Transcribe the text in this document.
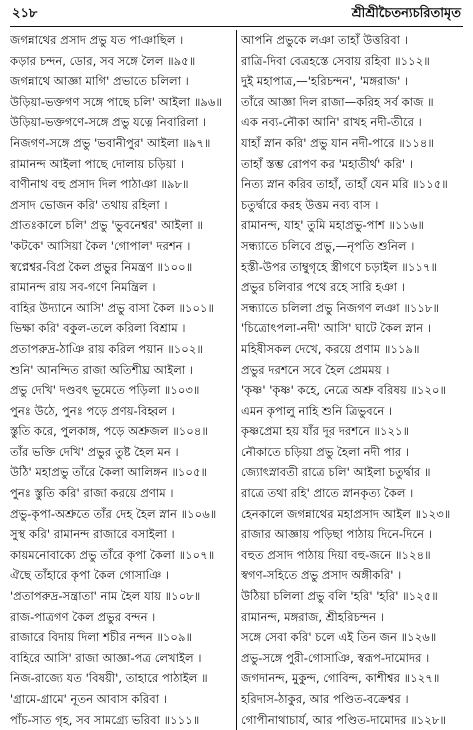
২১৮	শ্রীশ্রীচৈতন্যচরিতামৃত
জগন্নাথের প্রসাদ প্রভু যত পাঞাছিল ।
কড়ার চন্দন, ডোর, সব সঙ্গে লৈল ॥৯৫॥
জগন্নাথে আজ্ঞা মাগি' প্রভাতে চলিলা ।
উড়িয়া-ভক্তগণ সঙ্গে পাছে চলি' আইলা ॥৯৬॥
উড়িয়া-ভক্তগণে-সঙ্গে প্রভু যত্নে নিবারিলা ।
নিজগণ-সঙ্গে প্রভু 'ভবানীপুর' আইলা ॥৯৭॥
রামানন্দ আইলা পাছে দোলায় চড়িয়া ।
বাণীনাথ বহু প্রসাদ দিল পাঠাঞা ॥৯৮॥
প্রসাদ ভোজন করি' তথায় রহিলা ।
প্রাতঃকালে চলি' প্রভু 'ভুবনেশ্বর' আইলা ॥
'কটকে' আসিয়া কৈল 'গোপাল' দরশন ।
স্বপ্নেশ্বর-বিপ্র কৈল প্রভুর নিমন্ত্রণ ॥১০০॥
রামানন্দ রায় সব-গণে নিমন্ত্রিল ।
বাহির উদ্যানে আসি' প্রভু বাসা কৈল ॥১০১॥
ভিক্ষা করি' বকুল-তলে করিলা বিশ্রাম ।
প্রতাপরুদ্র-ঠাঞি রায় করিল পয়ান ॥১০২॥
শুনি' আনন্দিত রাজা অতিশীঘ্র আইলা ।
প্রভু দেখি' দণ্ডবৎ ভূমেতে পড়িলা ॥১০৩॥
পুনঃ উঠে, পুনঃ পড়ে প্রণয়-বিহ্বল ।
স্তুতি করে, পুলকাঙ্গ, পড়ে অশ্রুজল ॥১০৪॥
তাঁর ভক্তি দেখি' প্রভুর তুষ্ট হৈল মন ।
উঠি' মহাপ্রভু তাঁরে কৈলা আলিঙ্গন ॥১০৫॥
পুনঃ স্তুতি করি' রাজা করয়ে প্রণাম ।
প্রভু-কৃপা-অশ্রুতে তাঁর দেহ হৈল স্নান ॥১০৬॥
সুস্থ করি' রামানন্দ রাজারে বসাইলা ।
কায়মনোবাক্যে প্রভু তাঁরে কৃপা কৈলা ॥১০৭॥
ঐছে তাঁহারে কৃপা কৈল গোসাঞি ।
'প্রতাপরুদ্র-সন্ত্রাতা' নাম হৈল যায় ॥১০৮॥
রাজ-পাত্রগণ কৈল প্রভুর বন্দন ।
রাজারে বিদায় দিলা শচীর নন্দন ॥১০৯॥
বাহিরে আসি' রাজা আজ্ঞা-পত্র লেখাইল ।
নিজ-রাজ্যে যত 'বিষয়ী', তাহারে পাঠাইল ॥
'গ্রামে-গ্রামে' নূতন আবাস করিবা ।
পাঁচ-সাত গৃহ, সব সামগ্র্যে ভরিবা ॥১১১॥
আপনি প্রভুকে লঞা তাহাঁ উত্তরিবা ।
রাত্রি-দিবা বেত্রহস্তে সেবায় রহিবা ॥১১২॥
দুই মহাপাত্র,—'হরিচন্দন', 'মঙ্গরাজ' ।
তাঁরে আজ্ঞা দিল রাজা—করিহ সর্ব কাজ ॥
এক নব্য-নৌকা আনি' রাখহ নদী-তীরে ।
যাহাঁ স্নান করি' প্রভু যান নদী-পারে ॥১১৪॥
তাহাঁ স্তম্ভ রোপণ কর 'মহাতীর্থ' করি' ।
নিত্য স্নান করিব তাহাঁ, তাহাঁ যেন মরি ॥১১৫॥
চতুর্দ্বারে করহ উত্তম নব্য বাস ।
রামানন্দ, যাহ' তুমি মহাপ্রভু-পাশ ॥১১৬॥
সন্ধ্যাতে চলিবে প্রভু,—নৃপতি শুনিল ।
হস্তী-উপর তাম্বুগৃহে স্ত্রীগণে চড়াইল ॥১১৭॥
প্রভুর চলিবার পথে রহে সারি হঞা ।
সন্ধ্যাতে চলিলা প্রভু নিজগণ লঞা ॥১১৮॥
'চিত্রোৎপলা-নদী' আসি' ঘাটে কৈল স্নান ।
মহিষীসকল দেখে, করয়ে প্রণাম ॥১১৯॥
প্রভুর দরশনে সবে হৈল প্রেমময় ।
'কৃষ্ণ' 'কৃষ্ণ' কহে, নেত্রে অশ্রু বরিষয় ॥১২০॥
এমন কৃপালু নাহি শুনি ত্রিভুবনে ।
কৃষ্ণপ্রেমা হয় যাঁর দূর দরশনে ॥১২১॥
নৌকাতে চড়িয়া প্রভু হৈলা নদী পার ।
জ্যোৎস্নাবতী রাত্রে চলি' আইলা চতুর্দ্বার ॥
রাত্রে তথা রহি' প্রাতে স্নানকৃত্য কৈল ।
হেনকালে জগন্নাথের মহাপ্রসাদ আইল ॥১২৩॥
রাজার আজ্ঞায় পড়িছা পাঠায় দিনে-দিনে ।
বহুত প্রসাদ পাঠায় দিয়া বহু-জনে ॥১২৪॥
স্বগণ-সহিতে প্রভু প্রসাদ অঙ্গীকরি' ।
উঠিয়া চলিলা প্রভু বলি 'হরি' 'হরি' ॥১২৫॥
রামানন্দ, মঙ্গরাজ, শ্রীহরিচন্দন ।
সঙ্গে সেবা করি' চলে এই তিন জন ॥১২৬॥
প্রভু-সঙ্গে পুরী-গোসাঞি, স্বরূপ-দামোদর ।
জগদানন্দ, মুকুন্দ, গোবিন্দ, কাশীশ্বর ॥১২৭॥
হরিদাস-ঠাকুর, আর পণ্ডিত-বক্রেশ্বর ।
গোপীনাথাচার্য, আর পণ্ডিত-দামোদর ॥১২৮॥
